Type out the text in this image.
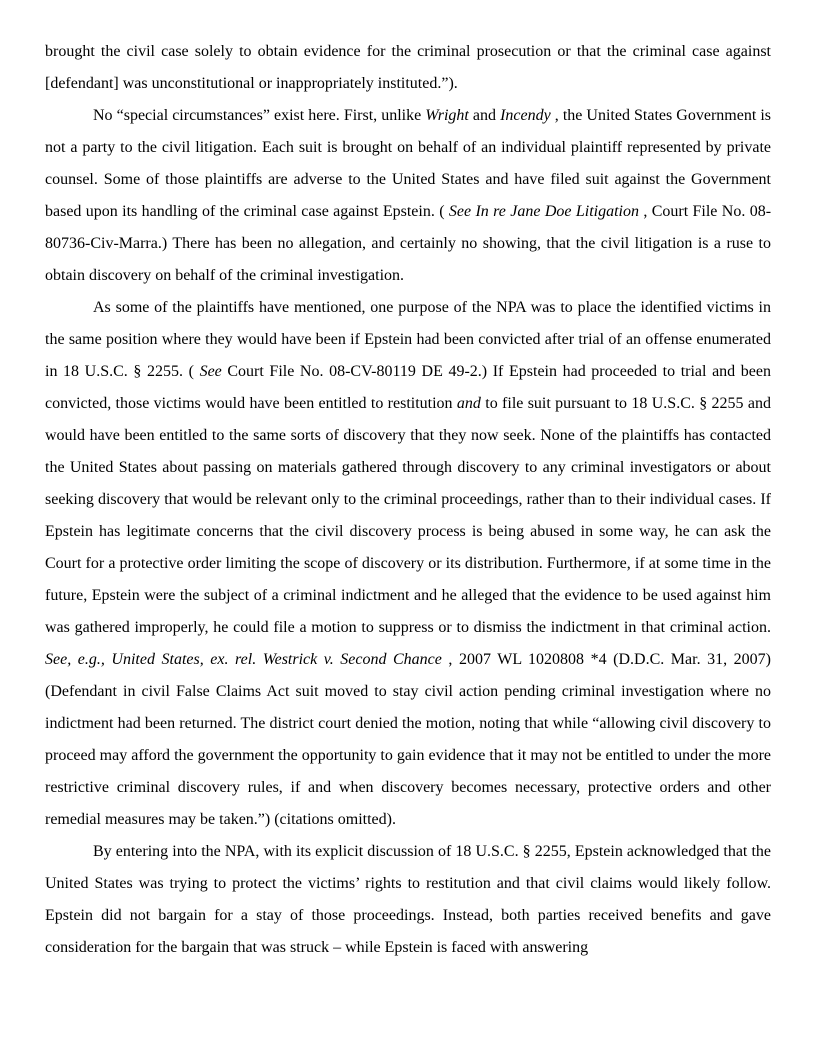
brought the civil case solely to obtain evidence for the criminal prosecution or that the criminal case against [defendant] was unconstitutional or inappropriately instituted.”).

No “special circumstances” exist here. First, unlike Wright and Incendy , the United States Government is not a party to the civil litigation. Each suit is brought on behalf of an individual plaintiff represented by private counsel. Some of those plaintiffs are adverse to the United States and have filed suit against the Government based upon its handling of the criminal case against Epstein. ( See In re Jane Doe Litigation , Court File No. 08-80736-Civ-Marra.) There has been no allegation, and certainly no showing, that the civil litigation is a ruse to obtain discovery on behalf of the criminal investigation.

As some of the plaintiffs have mentioned, one purpose of the NPA was to place the identified victims in the same position where they would have been if Epstein had been convicted after trial of an offense enumerated in 18 U.S.C. § 2255. ( See Court File No. 08-CV-80119 DE 49-2.) If Epstein had proceeded to trial and been convicted, those victims would have been entitled to restitution and to file suit pursuant to 18 U.S.C. § 2255 and would have been entitled to the same sorts of discovery that they now seek. None of the plaintiffs has contacted the United States about passing on materials gathered through discovery to any criminal investigators or about seeking discovery that would be relevant only to the criminal proceedings, rather than to their individual cases. If Epstein has legitimate concerns that the civil discovery process is being abused in some way, he can ask the Court for a protective order limiting the scope of discovery or its distribution. Furthermore, if at some time in the future, Epstein were the subject of a criminal indictment and he alleged that the evidence to be used against him was gathered improperly, he could file a motion to suppress or to dismiss the indictment in that criminal action. See, e.g., United States, ex. rel. Westrick v. Second Chance , 2007 WL 1020808 *4 (D.D.C. Mar. 31, 2007) (Defendant in civil False Claims Act suit moved to stay civil action pending criminal investigation where no indictment had been returned. The district court denied the motion, noting that while “allowing civil discovery to proceed may afford the government the opportunity to gain evidence that it may not be entitled to under the more restrictive criminal discovery rules, if and when discovery becomes necessary, protective orders and other remedial measures may be taken.”) (citations omitted).

By entering into the NPA, with its explicit discussion of 18 U.S.C. § 2255, Epstein acknowledged that the United States was trying to protect the victims’ rights to restitution and that civil claims would likely follow. Epstein did not bargain for a stay of those proceedings. Instead, both parties received benefits and gave consideration for the bargain that was struck – while Epstein is faced with answering
